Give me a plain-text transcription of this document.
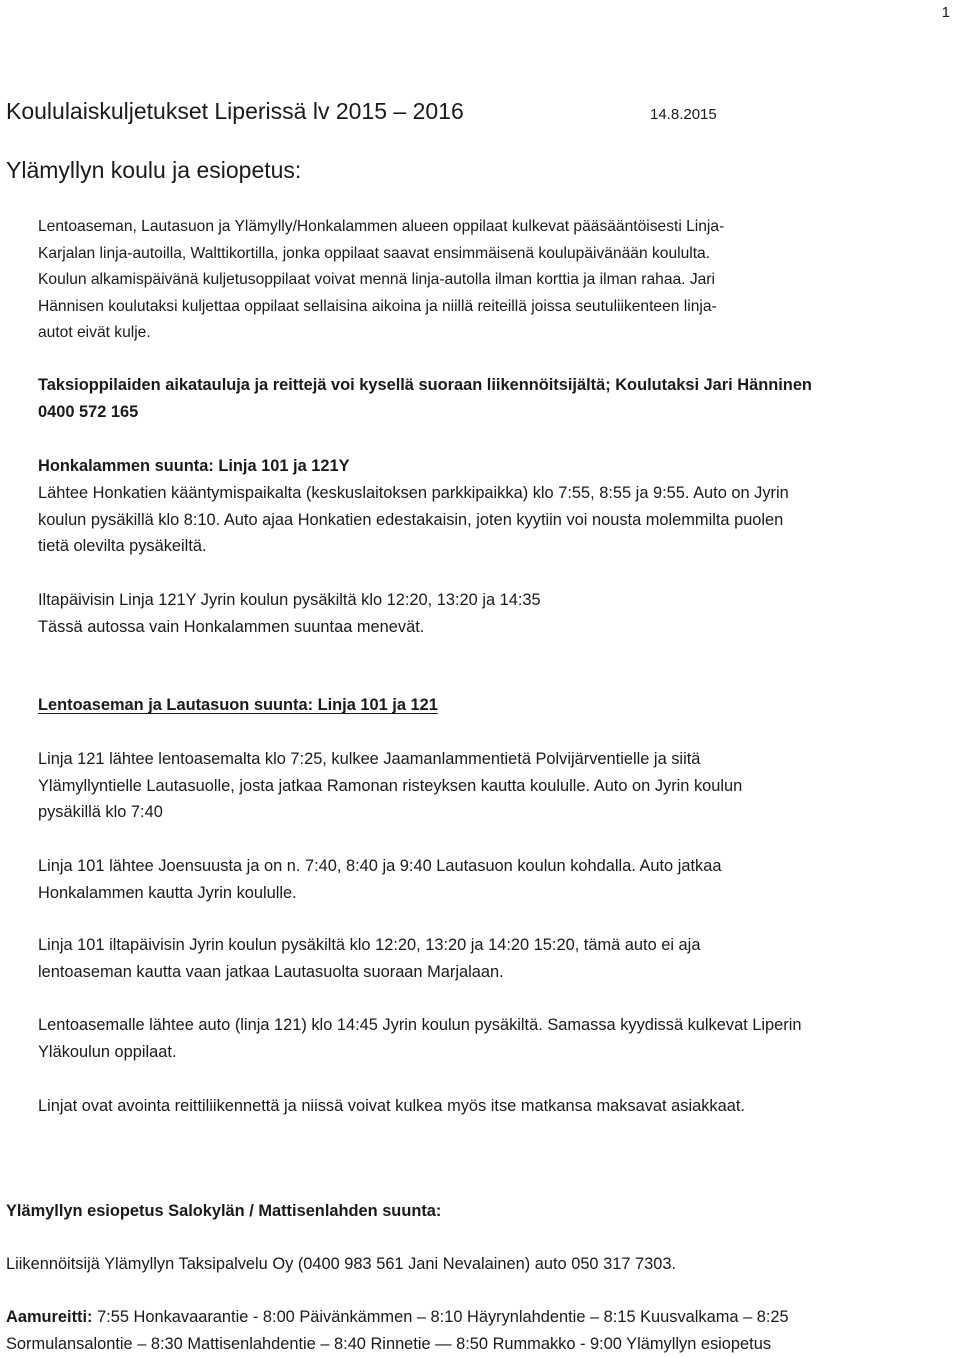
1
Koululaiskuljetukset Liperissä lv 2015 – 2016	14.8.2015
Ylämyllyn koulu ja esiopetus:
Lentoaseman, Lautasuon ja Ylämylly/Honkalammen alueen oppilaat kulkevat pääsääntöisesti Linja-
Karjalan linja-autoilla, Walttikortilla, jonka oppilaat saavat ensimmäisenä koulupäivänään koululta.
Koulun alkamispäivänä kuljetusoppilaat voivat mennä linja-autolla ilman korttia ja ilman rahaa. Jari
Hännisen koulutaksi kuljettaa oppilaat sellaisina aikoina ja niillä reiteillä joissa seutuliikenteen linja-
autot eivät kulje.
Taksioppilaiden aikatauluja ja reittejä voi kysellä suoraan liikennöitsijältä; Koulutaksi Jari Hänninen
0400 572 165
Honkalammen suunta: Linja 101 ja 121Y
Lähtee Honkatien kääntymispaikalta (keskuslaitoksen parkkipaikka) klo 7:55, 8:55 ja 9:55. Auto on Jyrin
koulun pysäkillä klo 8:10. Auto ajaa Honkatien edestakaisin, joten kyytiin voi nousta molemmilta puolen
tietä olevilta pysäkeiltä.
Iltapäivisin Linja 121Y Jyrin koulun pysäkiltä klo 12:20, 13:20 ja 14:35
Tässä autossa vain Honkalammen suuntaa menevät.
Lentoaseman ja Lautasuon suunta: Linja 101 ja 121
Linja 121 lähtee lentoasemalta klo 7:25, kulkee Jaamanlammentietä Polvijärventielle ja siitä
Ylämyllyntielle Lautasuolle, josta jatkaa Ramonan risteyksen kautta koululle. Auto on Jyrin koulun
pysäkillä klo 7:40
Linja 101 lähtee Joensuusta ja on n. 7:40, 8:40 ja 9:40 Lautasuon koulun kohdalla. Auto jatkaa
Honkalammen kautta Jyrin koululle.
Linja 101 iltapäivisin Jyrin koulun pysäkiltä klo 12:20, 13:20 ja 14:20 15:20, tämä auto ei aja
lentoaseman kautta vaan jatkaa Lautasuolta suoraan Marjalaan.
Lentoasemalle lähtee auto (linja 121) klo 14:45 Jyrin koulun pysäkiltä. Samassa kyydissä kulkevat Liperin
Yläkoulun oppilaat.
Linjat ovat avointa reittiliikennettä ja niissä voivat kulkea myös itse matkansa maksavat asiakkaat.
Ylämyllyn esiopetus Salokylän / Mattisenlahden suunta:
Liikennöitsijä Ylämyllyn Taksipalvelu Oy (0400 983 561 Jani Nevalainen) auto 050 317 7303.
Aamureitti: 7:55 Honkavaarantie - 8:00 Päivänkämmen – 8:10 Häyrynlahdentie – 8:15 Kuusvalkama – 8:25
Sormulansalontie – 8:30 Mattisenlahdentie – 8:40 Rinnetie — 8:50 Rummakko - 9:00 Ylämyllyn esiopetus
